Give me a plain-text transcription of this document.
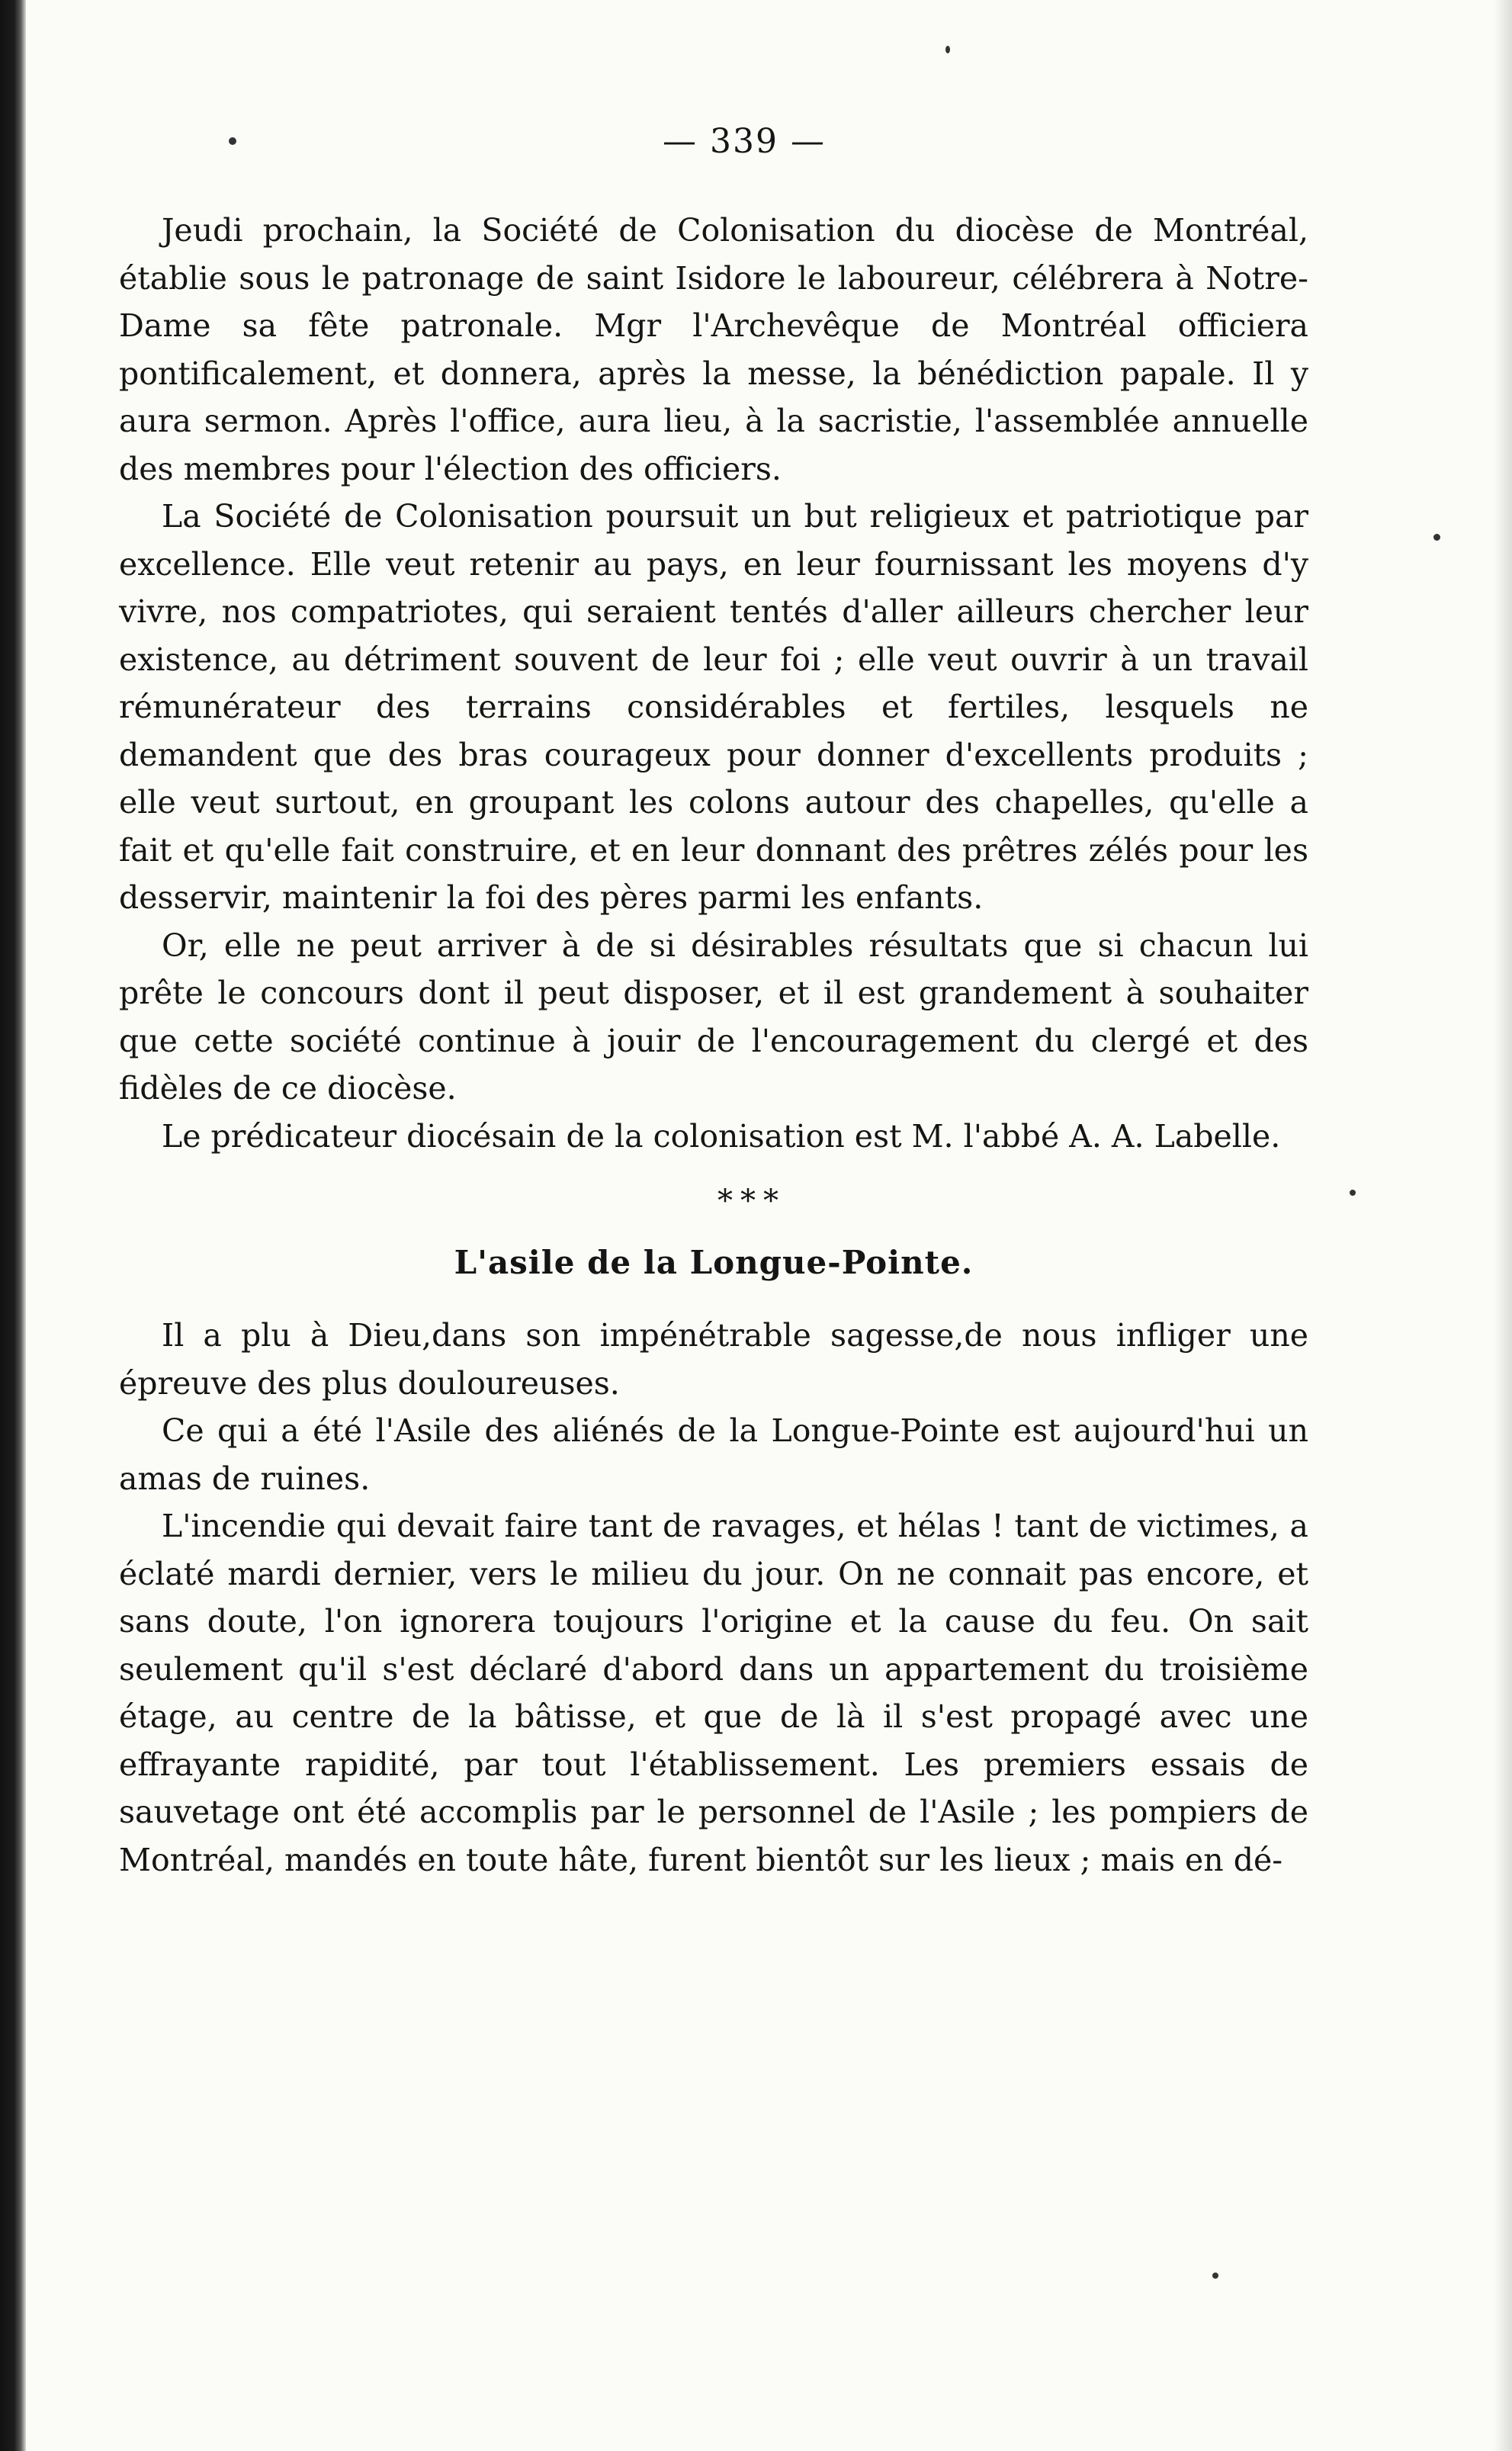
— 339 —

Jeudi prochain, la Société de Colonisation du diocèse de Montréal, établie sous le patronage de saint Isidore le laboureur, célébrera à Notre-Dame sa fête patronale. Mgr l'Archevêque de Montréal officiera pontificalement, et donnera, après la messe, la bénédiction papale. Il y aura sermon. Après l'office, aura lieu, à la sacristie, l'assemblée annuelle des membres pour l'élection des officiers.

La Société de Colonisation poursuit un but religieux et patriotique par excellence. Elle veut retenir au pays, en leur fournissant les moyens d'y vivre, nos compatriotes, qui seraient tentés d'aller ailleurs chercher leur existence, au détriment souvent de leur foi ; elle veut ouvrir à un travail rémunérateur des terrains considérables et fertiles, lesquels ne demandent que des bras courageux pour donner d'excellents produits ; elle veut surtout, en groupant les colons autour des chapelles, qu'elle a fait et qu'elle fait construire, et en leur donnant des prêtres zélés pour les desservir, maintenir la foi des pères parmi les enfants.

Or, elle ne peut arriver à de si désirables résultats que si chacun lui prête le concours dont il peut disposer, et il est grandement à souhaiter que cette société continue à jouir de l'encouragement du clergé et des fidèles de ce diocèse.

Le prédicateur diocésain de la colonisation est M. l'abbé A. A. Labelle.

***
L'asile de la Longue-Pointe.

Il a plu à Dieu,dans son impénétrable sagesse,de nous infliger une épreuve des plus douloureuses.

Ce qui a été l'Asile des aliénés de la Longue-Pointe est aujourd'hui un amas de ruines.

L'incendie qui devait faire tant de ravages, et hélas ! tant de victimes, a éclaté mardi dernier, vers le milieu du jour. On ne connait pas encore, et sans doute, l'on ignorera toujours l'origine et la cause du feu. On sait seulement qu'il s'est déclaré d'abord dans un appartement du troisième étage, au centre de la bâtisse, et que de là il s'est propagé avec une effrayante rapidité, par tout l'établissement. Les premiers essais de sauvetage ont été accomplis par le personnel de l'Asile ; les pompiers de Montréal, mandés en toute hâte, furent bientôt sur les lieux ; mais en dé-
